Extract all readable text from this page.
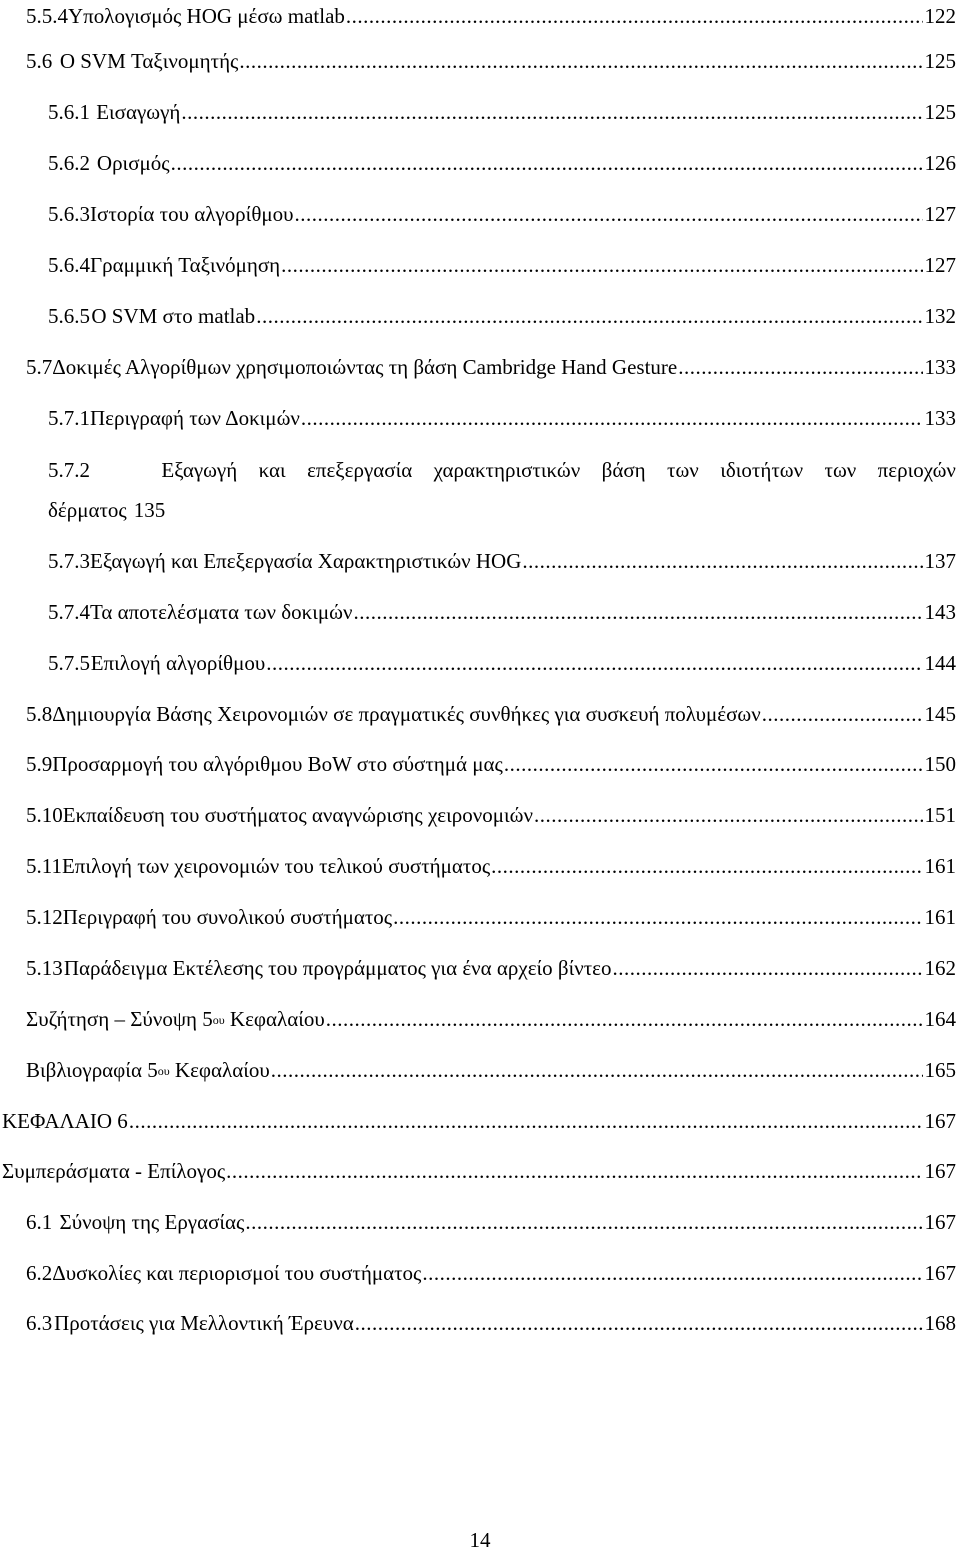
5.5.4 Υπολογισμός HOG μέσω matlab .....	122
5.6 Ο SVM Ταξινομητής .....	125
5.6.1 Εισαγωγή .....	125
5.6.2 Ορισμός .....	126
5.6.3 Ιστορία του αλγορίθμου .....	127
5.6.4 Γραμμική Ταξινόμηση .....	127
5.6.5 Ο SVM στο matlab .....	132
5.7 Δοκιμές Αλγορίθμων χρησιμοποιώντας τη βάση Cambridge Hand Gesture .....	133
5.7.1 Περιγραφή των Δοκιμών .....	133
5.7.2	Εξαγωγή και επεξεργασία χαρακτηριστικών βάση των ιδιοτήτων των περιοχών
δέρματος 135
5.7.3 Εξαγωγή και Επεξεργασία Χαρακτηριστικών HOG .....	137
5.7.4 Τα αποτελέσματα των δοκιμών .....	143
5.7.5 Επιλογή αλγορίθμου .....	144
5.8 Δημιουργία Βάσης Χειρονομιών σε πραγματικές συνθήκες για συσκευή πολυμέσων .....	145
5.9 Προσαρμογή του αλγόριθμου BoW στο σύστημά μας .....	150
5.10 Εκπαίδευση του συστήματος αναγνώρισης χειρονομιών .....	151
5.11 Επιλογή των χειρονομιών του τελικού συστήματος .....	161
5.12 Περιγραφή του συνολικού συστήματος .....	161
5.13 Παράδειγμα Εκτέλεσης του προγράμματος για ένα αρχείο βίντεο .....	162
Συζήτηση – Σύνοψη $5^{o\upsilon}$ Κεφαλαίου .....	164
Βιβλιογραφία $5^{o\upsilon}$ Κεφαλαίου .....	165
ΚΕΦΑΛΑΙΟ 6 .....	167
Συμπεράσματα - Επίλογος .....	167
6.1 Σύνοψη της Εργασίας .....	167
6.2 Δυσκολίες και περιορισμοί του συστήματος .....	167
6.3 Προτάσεις για Μελλοντική Έρευνα .....	168
14
